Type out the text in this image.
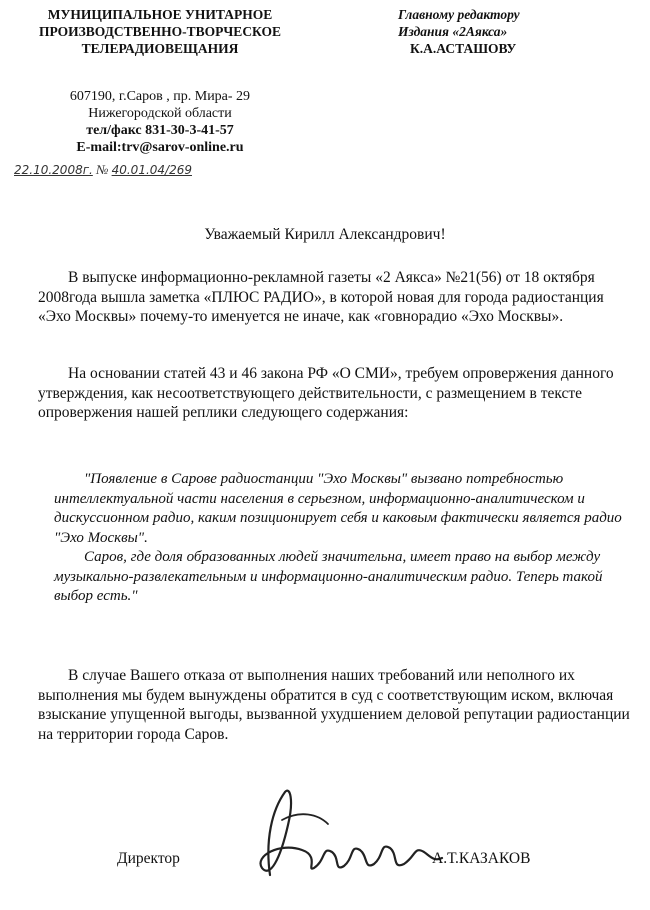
МУНИЦИПАЛЬНОЕ УНИТАРНОЕ
ПРОИЗВОДСТВЕННО-ТВОРЧЕСКОЕ
ТЕЛЕРАДИОВЕЩАНИЯ
Главному редактору
Издания «2Аякса»
К.А.АСТАШОВУ
607190, г.Саров , пр. Мира- 29
Нижегородской области
тел/факс 831-30-3-41-57
E-mail:trv@sarov-online.ru
22.10.2008г. № 40.01.04/269
Уважаемый Кирилл Александрович!
В выпуске информационно-рекламной газеты «2 Аякса» №21(56) от 18 октября 2008года вышла заметка «ПЛЮС РАДИО», в которой новая для города радиостанция «Эхо Москвы» почему-то именуется не иначе, как «говнорадио «Эхо Москвы».
На основании статей 43 и 46 закона РФ «О СМИ», требуем опровержения данного утверждения, как несоответствующего действительности, с размещением в тексте опровержения нашей реплики следующего содержания:
"Появление в Сарове радиостанции "Эхо Москвы" вызвано потребностью интеллектуальной части населения в серьезном, информационно-аналитическом и дискуссионном радио, каким позиционирует себя и каковым фактически является радио "Эхо Москвы".
Саров, где доля образованных людей значительна, имеет право на выбор между музыкально-развлекательным и информационно-аналитическим радио. Теперь такой выбор есть."
В случае Вашего отказа от выполнения наших требований или неполного их выполнения мы будем вынуждены обратится в суд с соответствующим иском, включая взыскание упущенной выгоды, вызванной ухудшением деловой репутации радиостанции на территории города Саров.
Директор	А.Т.КАЗАКОВ
